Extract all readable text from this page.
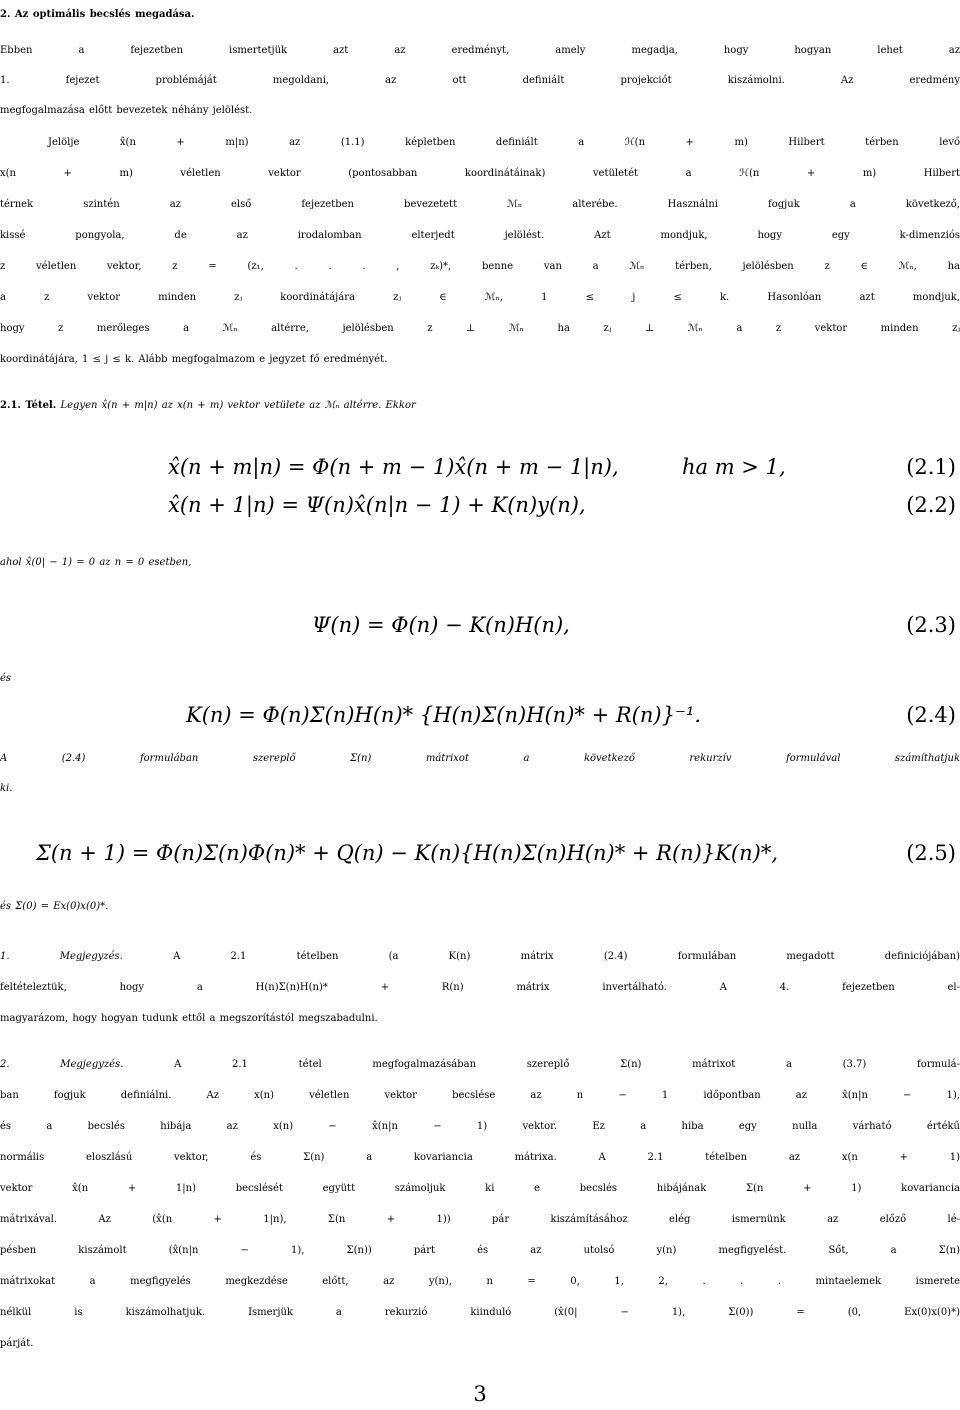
2. Az optimális becslés megadása.
Ebben a fejezetben ismertetjük azt az eredményt, amely megadja, hogy hogyan lehet az
1. fejezet problémáját megoldani, az ott definiált projekciót kiszámolni. Az eredmény
megfogalmazása előtt bevezetek néhány jelölést.
Jelölje x̂(n + m|n) az (1.1) képletben definiált a ℋ(n + m) Hilbert térben levő
x(n + m) véletlen vektor (pontosabban koordinátáinak) vetületét a ℋ(n + m) Hilbert
térnek szintén az első fejezetben bevezetett ℳₙ alterébe. Használni fogjuk a következő,
kissé pongyola, de az irodalomban elterjedt jelölést. Azt mondjuk, hogy egy k-dimenziós
z véletlen vektor, z = (z₁, . . . , zₖ)*, benne van a ℳₙ térben, jelölésben z ∈ ℳₙ, ha
a z vektor minden zⱼ koordinátájára zⱼ ∈ ℳₙ, 1 ≤ j ≤ k. Hasonlóan azt mondjuk,
hogy z merőleges a ℳₙ altérre, jelölésben z ⊥ ℳₙ ha zⱼ ⊥ ℳₙ a z vektor minden zⱼ
koordinátájára, 1 ≤ j ≤ k. Alább megfogalmazom e jegyzet fő eredményét.
2.1. Tétel. Legyen x̂(n + m|n) az x(n + m) vektor vetülete az ℳₙ altérre. Ekkor
x̂(n + m|n) = Φ(n + m − 1)x̂(n + m − 1|n),	ha m > 1,	(2.1)
x̂(n + 1|n) = Ψ(n)x̂(n|n − 1) + K(n)y(n),	(2.2)
ahol x̂(0| − 1) = 0 az n = 0 esetben,
Ψ(n) = Φ(n) − K(n)H(n),	(2.3)
és
K(n) = Φ(n)Σ(n)H(n)* {H(n)Σ(n)H(n)* + R(n)}⁻¹.	(2.4)
A (2.4) formulában szereplő Σ(n) mátrixot a következő rekurzív formulával számíthatjuk
ki.
Σ(n + 1) = Φ(n)Σ(n)Φ(n)* + Q(n) − K(n){H(n)Σ(n)H(n)* + R(n)}K(n)*,	(2.5)
és Σ(0) = Ex(0)x(0)*.
1. Megjegyzés.	A 2.1 tételben (a K(n) mátrix (2.4) formulában megadott definiciójában)
feltételeztük, hogy a H(n)Σ(n)H(n)* + R(n) mátrix invertálható. A 4. fejezetben el-
magyarázom, hogy hogyan tudunk ettől a megszorítástól megszabadulni.
2. Megjegyzés.	A 2.1 tétel megfogalmazásában szereplő Σ(n) mátrixot a (3.7) formulá-
ban fogjuk definiálni. Az x(n) véletlen vektor becslése az n − 1 időpontban az x̂(n|n − 1),
és a becslés hibája az x(n) − x̂(n|n − 1) vektor. Ez a hiba egy nulla várható értékű
normális eloszlású vektor, és Σ(n) a kovariancia mátrixa. A 2.1 tételben az x(n + 1)
vektor x̂(n + 1|n) becslését együtt számoljuk ki e becslés hibájának Σ(n + 1) kovariancia
mátrixával. Az (x̂(n + 1|n), Σ(n + 1)) pár kiszámításához elég ismernünk az előző lé-
pésben kiszámolt (x̂(n|n − 1), Σ(n)) párt és az utolsó y(n) megfigyelést. Sőt, a Σ(n)
mátrixokat a megfigyelés megkezdése előtt, az y(n), n = 0, 1, 2, . . . mintaelemek ismerete
nélkül is kiszámolhatjuk. Ismerjük a rekurzió kiinduló (x̂(0| − 1), Σ(0)) = (0, Ex(0)x(0)*)
párját.
3
